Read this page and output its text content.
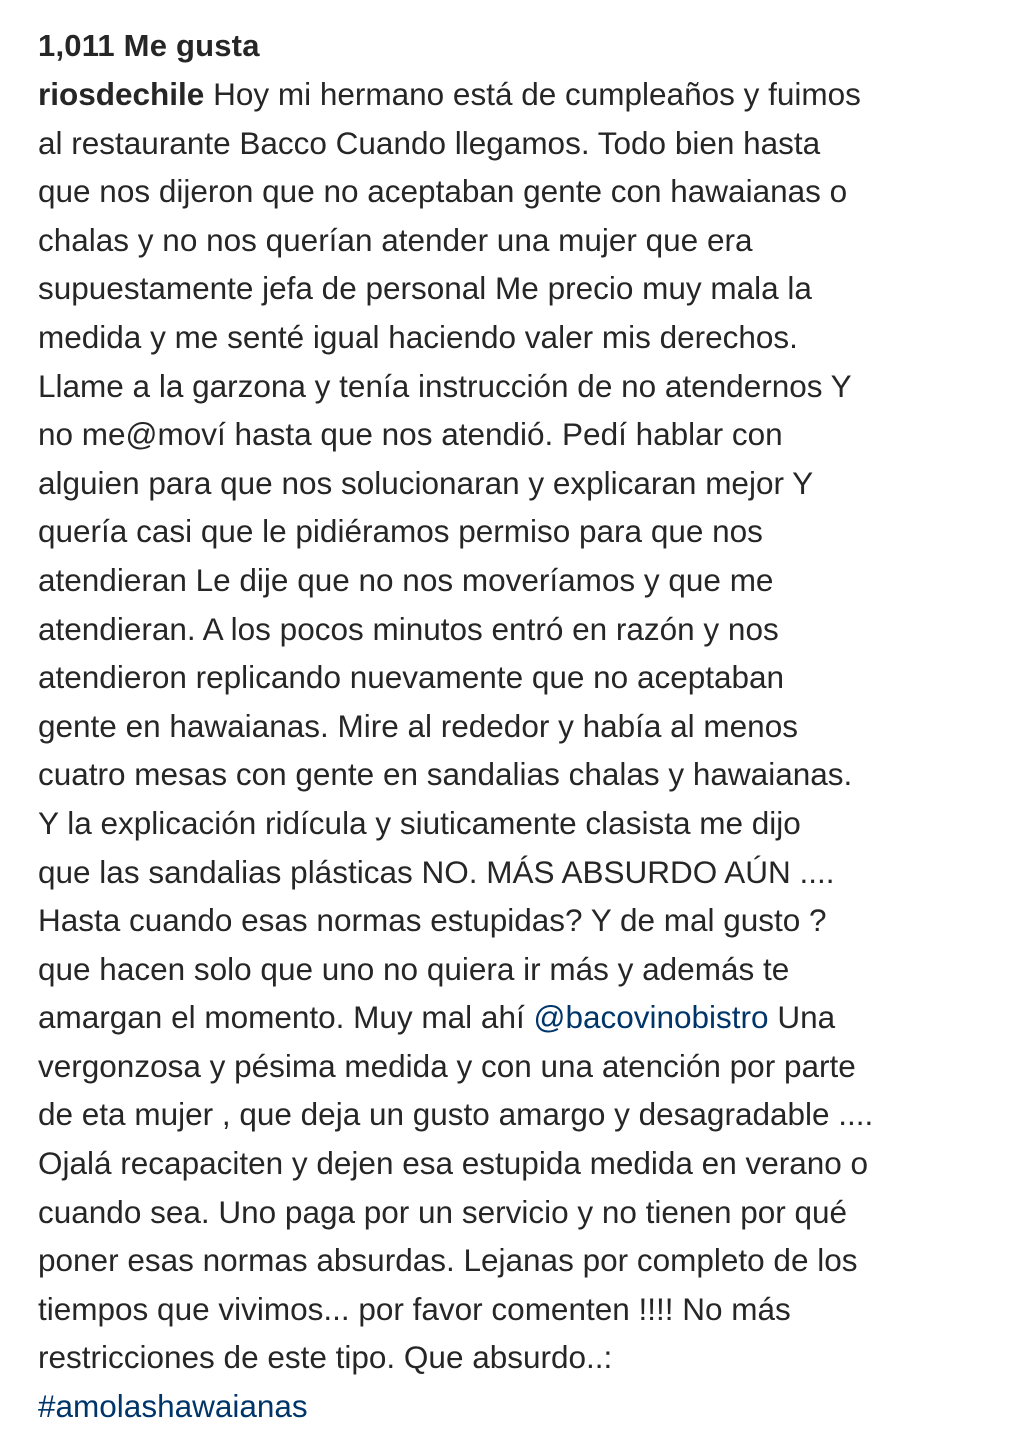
1,011 Me gusta

riosdechile Hoy mi hermano está de cumpleaños y fuimos
al restaurante Bacco Cuando llegamos. Todo bien hasta
que nos dijeron que no aceptaban gente con hawaianas o
chalas y no nos querían atender una mujer que era
supuestamente jefa de personal Me precio muy mala la
medida y me senté igual haciendo valer mis derechos.
Llame a la garzona y tenía instrucción de no atendernos Y
no me@moví hasta que nos atendió. Pedí hablar con
alguien para que nos solucionaran y explicaran mejor Y
quería casi que le pidiéramos permiso para que nos
atendieran Le dije que no nos moveríamos y que me
atendieran. A los pocos minutos entró en razón y nos
atendieron replicando nuevamente que no aceptaban
gente en hawaianas. Mire al rededor y había al menos
cuatro mesas con gente en sandalias chalas y hawaianas.
Y la explicación ridícula y siuticamente clasista me dijo
que las sandalias plásticas NO. MÁS ABSURDO AÚN ....
Hasta cuando esas normas estupidas? Y de mal gusto ?
que hacen solo que uno no quiera ir más y además te
amargan el momento. Muy mal ahí @bacovinobistro Una
vergonzosa y pésima medida y con una atención por parte
de eta mujer , que deja un gusto amargo y desagradable ....
Ojalá recapaciten y dejen esa estupida medida en verano o
cuando sea. Uno paga por un servicio y no tienen por qué
poner esas normas absurdas. Lejanas por completo de los
tiempos que vivimos... por favor comenten !!!! No más
restricciones de este tipo. Que absurdo..:
#amolashawaianas
